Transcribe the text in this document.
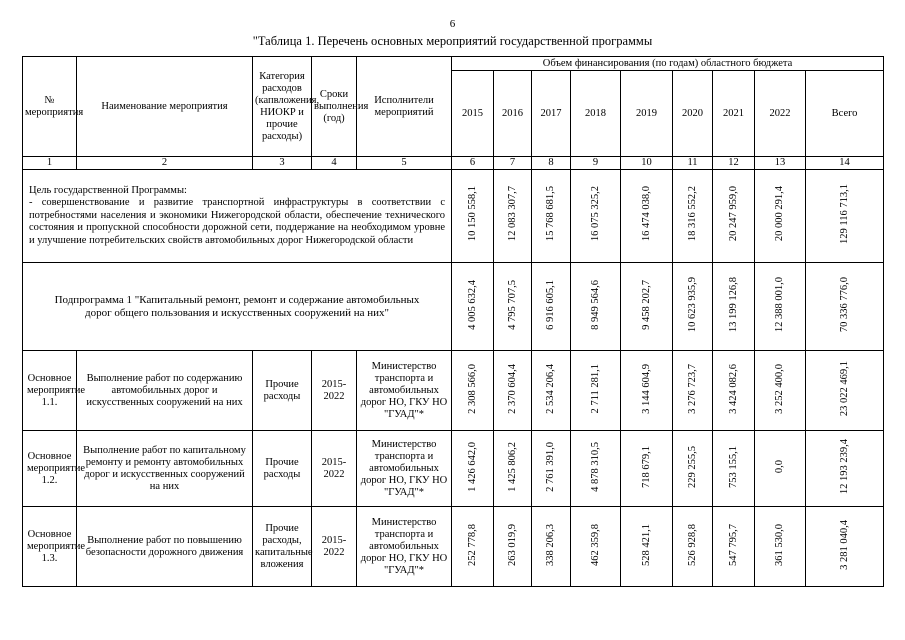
6
"Таблица 1. Перечень основных мероприятий государственной программы
№ мероприятия	Наименование мероприятия	Категория расходов (капвложения, НИОКР и прочие расходы)	Сроки выполнения (год)	Исполнители мероприятий	Объем финансирования (по годам) областного бюджета								
					2015	2016	2017	2018	2019	2020	2021	2022	Всего
1	2	3	4	5	6	7	8	9	10	11	12	13	14
Цель государственной Программы:
- совершенствование и развитие транспортной инфраструктуры в соответствии с потребностями населения и экономики Нижегородской области, обеспечение технического состояния и пропускной способности дорожной сети, поддержание на необходимом уровне и улучшение потребительских свойств автомобильных дорог Нижегородской области					10 150 558,1	12 083 307,7	15 768 681,5	16 075 325,2	16 474 038,0	18 316 552,2	20 247 959,0	20 000 291,4	129 116 713,1
Подпрограмма 1 "Капитальный ремонт, ремонт и содержание автомобильных дорог общего пользования и искусственных сооружений на них"					4 005 632,4	4 795 707,5	6 916 605,1	8 949 564,6	9 458 202,7	10 623 935,9	13 199 126,8	12 388 001,0	70 336 776,0
Основное мероприятие 1.1.	Выполнение работ по содержанию автомобильных дорог и искусственных сооружений на них	Прочие расходы	2015-2022	Министерство транспорта и автомобильных дорог НО, ГКУ НО "ГУАД"*	2 308 566,0	2 370 604,4	2 534 206,4	2 711 281,1	3 144 604,9	3 276 723,7	3 424 082,6	3 252 400,0	23 022 469,1
Основное мероприятие 1.2.	Выполнение работ по капитальному ремонту и ремонту автомобильных дорог и искусственных сооружений на них	Прочие расходы	2015-2022	Министерство транспорта и автомобильных дорог НО, ГКУ НО "ГУАД"*	1 426 642,0	1 425 806,2	2 761 391,0	4 878 310,5	718 679,1	229 255,5	753 155,1	0,0	12 193 239,4
Основное мероприятие 1.3.	Выполнение работ по повышению безопасности дорожного движения	Прочие расходы, капитальные вложения	2015-2022	Министерство транспорта и автомобильных дорог НО, ГКУ НО "ГУАД"*	252 778,8	263 019,9	338 206,3	462 359,8	528 421,1	526 928,8	547 795,7	361 530,0	3 281 040,4
